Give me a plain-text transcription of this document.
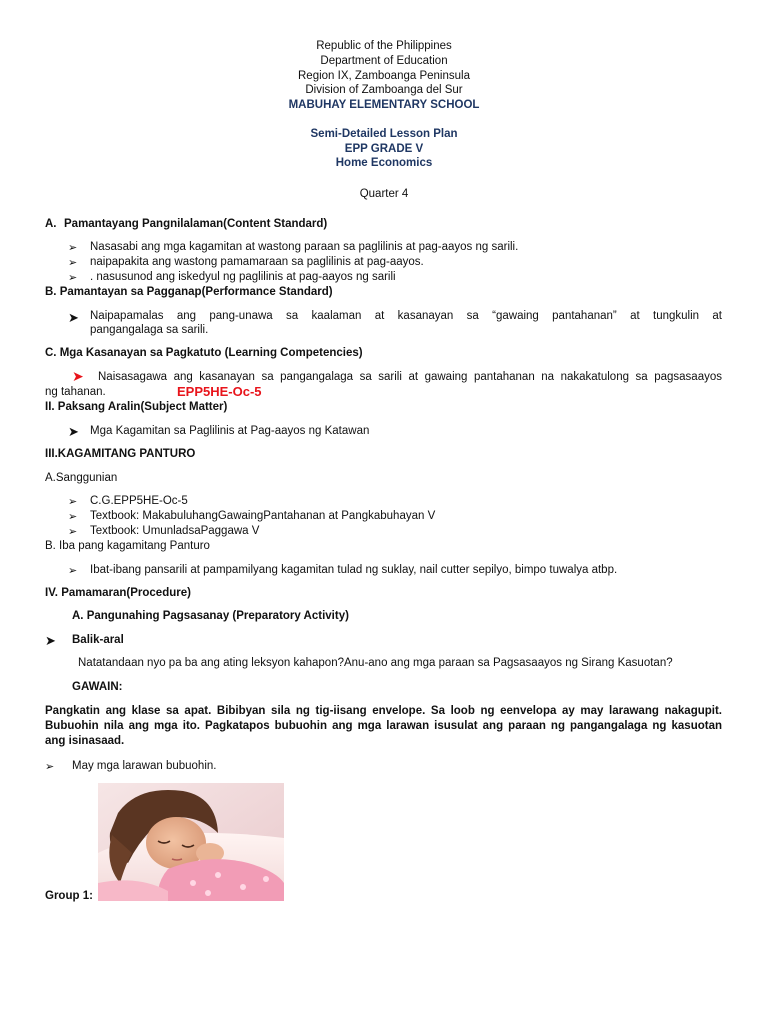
Republic of the Philippines
Department of Education
Region IX, Zamboanga Peninsula
Division of Zamboanga del Sur
MABUHAY ELEMENTARY SCHOOL
Semi-Detailed Lesson Plan
EPP GRADE V
Home Economics
Quarter 4
A. Pamantayang Pangnilalaman(Content Standard)
➢ Nasasabi ang mga kagamitan at wastong paraan sa paglilinis at pag-aayos ng sarili.
➢ naipapakita ang wastong pamamaraan sa paglilinis at pag-aayos.
➢ . nasusunod ang iskedyul ng paglilinis at pag-aayos ng sarili
B. Pamantayan sa Pagganap(Performance Standard)
➤ Naipapamalas ang pang-unawa sa kaalaman at kasanayan sa “gawaing pantahanan” at tungkulin at
pangangalaga sa sarili.
C. Mga Kasanayan sa Pagkatuto (Learning Competencies)
➤ Naisasagawa ang kasanayan sa pangangalaga sa sarili at gawaing pantahanan na nakakatulong sa pagsasaayos
ng tahanan.	EPP5HE-Oc-5
II. Paksang Aralin(Subject Matter)
➤ Mga Kagamitan sa Paglilinis at Pag-aayos ng Katawan
III.KAGAMITANG PANTURO
A.Sanggunian
➢ C.G.EPP5HE-Oc-5
➢ Textbook: MakabuluhangGawaingPantahanan at Pangkabuhayan V
➢ Textbook: UmunladsaPaggawa V
B. Iba pang kagamitang Panturo
➢ Ibat-ibang pansarili at pampamilyang kagamitan tulad ng suklay, nail cutter sepilyo, bimpo tuwalya atbp.
IV. Pamamaran(Procedure)
A. Pangunahing Pagsasanay (Preparatory Activity)
➤ Balik-aral
Natatandaan nyo pa ba ang ating leksyon kahapon?Anu-ano ang mga paraan sa Pagsasaayos ng Sirang Kasuotan?
GAWAIN:
Pangkatin ang klase sa apat. Bibibyan sila ng tig-iisang envelope. Sa loob ng eenvelopa ay may larawang nakagupit.
Bubuohin nila ang mga ito. Pagkatapos bubuohin ang mga larawan isusulat ang paraan ng pangangalaga ng kasuotan
ang isinasaad.
➢ May mga larawan bubuohin.
Group 1:
